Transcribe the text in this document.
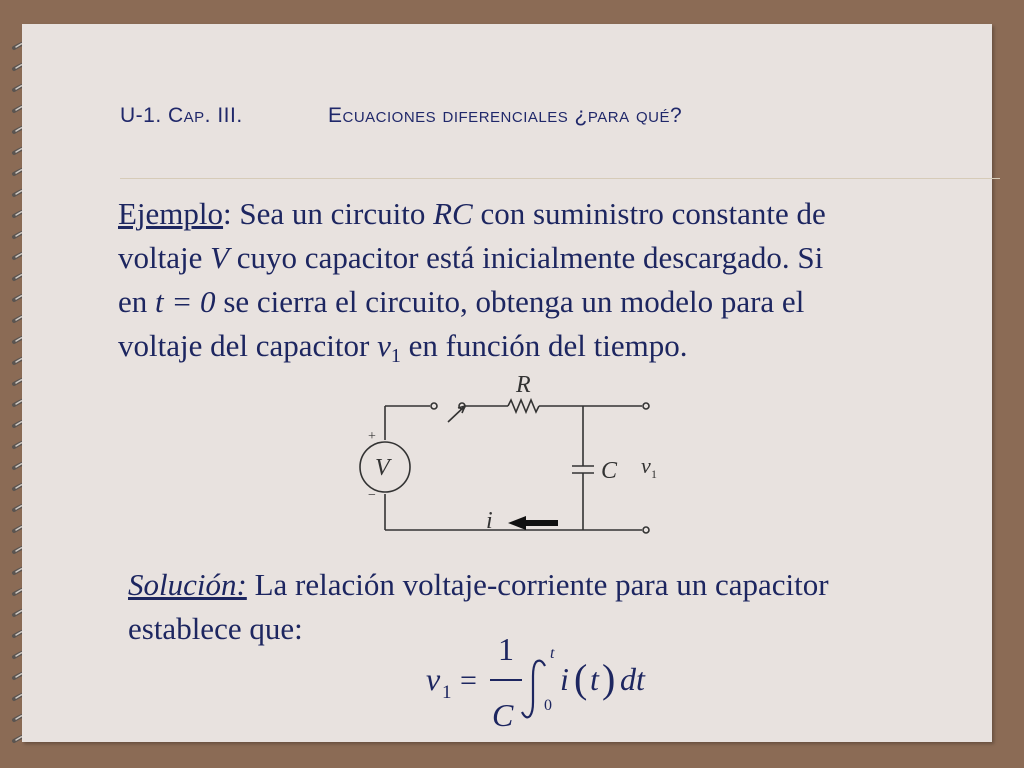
U-1. Cap. III.	Ecuaciones diferenciales ¿para qué?

Ejemplo: Sea un circuito RC con suministro constante de

voltaje V cuyo capacitor está inicialmente descargado. Si

en t = 0 se cierra el circuito, obtenga un modelo para el

voltaje del capacitor $v_1$ en función del tiempo.

R
+
V
−
C v 1
i

Solución: La relación voltaje-corriente para un capacitor

establece que:

v 1 =
1
C
t
0
i ( t ) dt
